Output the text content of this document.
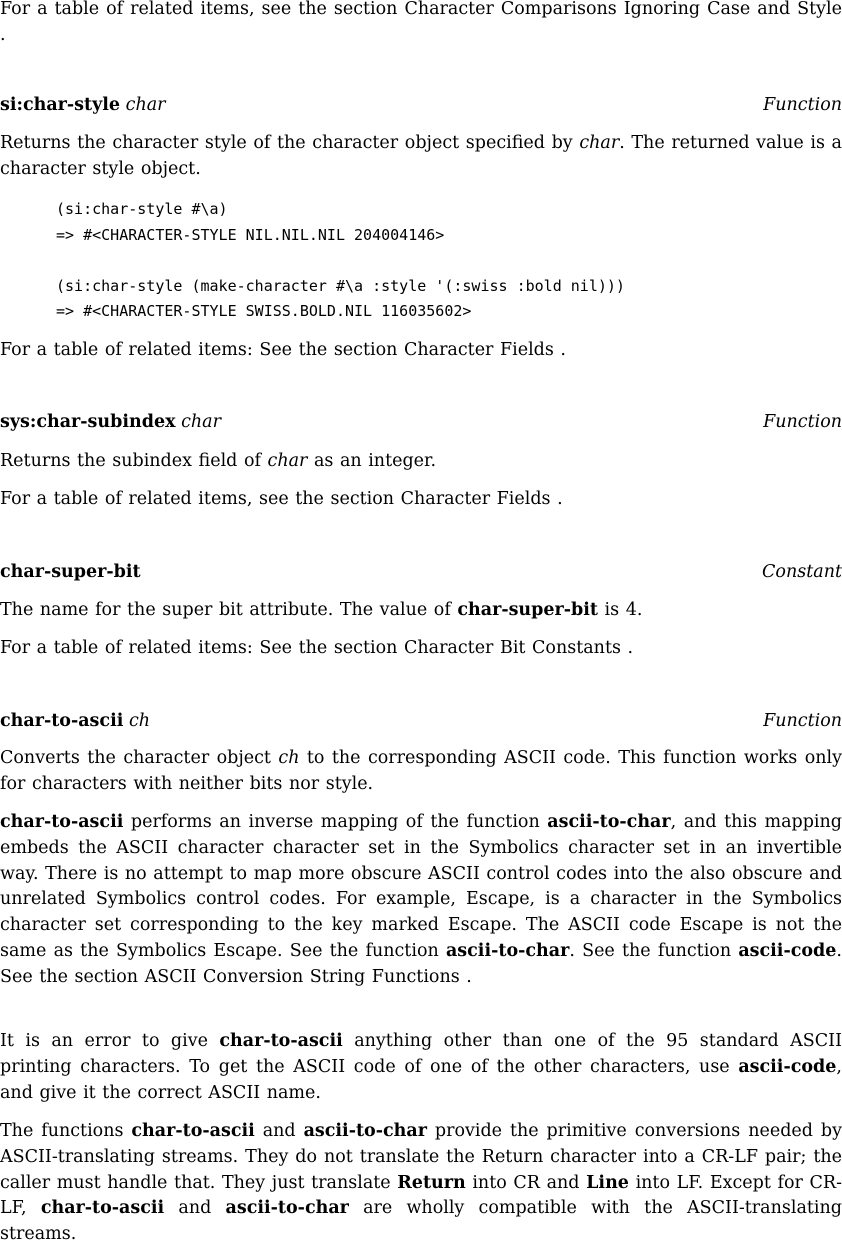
For a table of related items, see the section Character Comparisons Ignoring Case and Style .

si:char-style char	Function

Returns the character style of the character object specified by char. The returned value is a character style object.

(si:char-style #\a)
=> #<CHARACTER-STYLE NIL.NIL.NIL 204004146>

(si:char-style (make-character #\a :style '(:swiss :bold nil)))
=> #<CHARACTER-STYLE SWISS.BOLD.NIL 116035602>

For a table of related items: See the section Character Fields .

sys:char-subindex char	Function

Returns the subindex field of char as an integer.

For a table of related items, see the section Character Fields .

char-super-bit	Constant

The name for the super bit attribute. The value of char-super-bit is 4.

For a table of related items: See the section Character Bit Constants .

char-to-ascii ch	Function

Converts the character object ch to the corresponding ASCII code. This function works only for characters with neither bits nor style.

char-to-ascii performs an inverse mapping of the function ascii-to-char, and this mapping embeds the ASCII character character set in the Symbolics character set in an invertible way. There is no attempt to map more obscure ASCII control codes into the also obscure and unrelated Symbolics control codes. For example, Escape, is a character in the Symbolics character set corresponding to the key marked Escape. The ASCII code Escape is not the same as the Symbolics Escape. See the function ascii-to-char. See the function ascii-code. See the section ASCII Conversion String Functions .

It is an error to give char-to-ascii anything other than one of the 95 standard ASCII printing characters. To get the ASCII code of one of the other characters, use ascii-code, and give it the correct ASCII name.

The functions char-to-ascii and ascii-to-char provide the primitive conversions needed by ASCII-translating streams. They do not translate the Return character into a CR-LF pair; the caller must handle that. They just translate Return into CR and Line into LF. Except for CR-LF, char-to-ascii and ascii-to-char are wholly compatible with the ASCII-translating streams.
